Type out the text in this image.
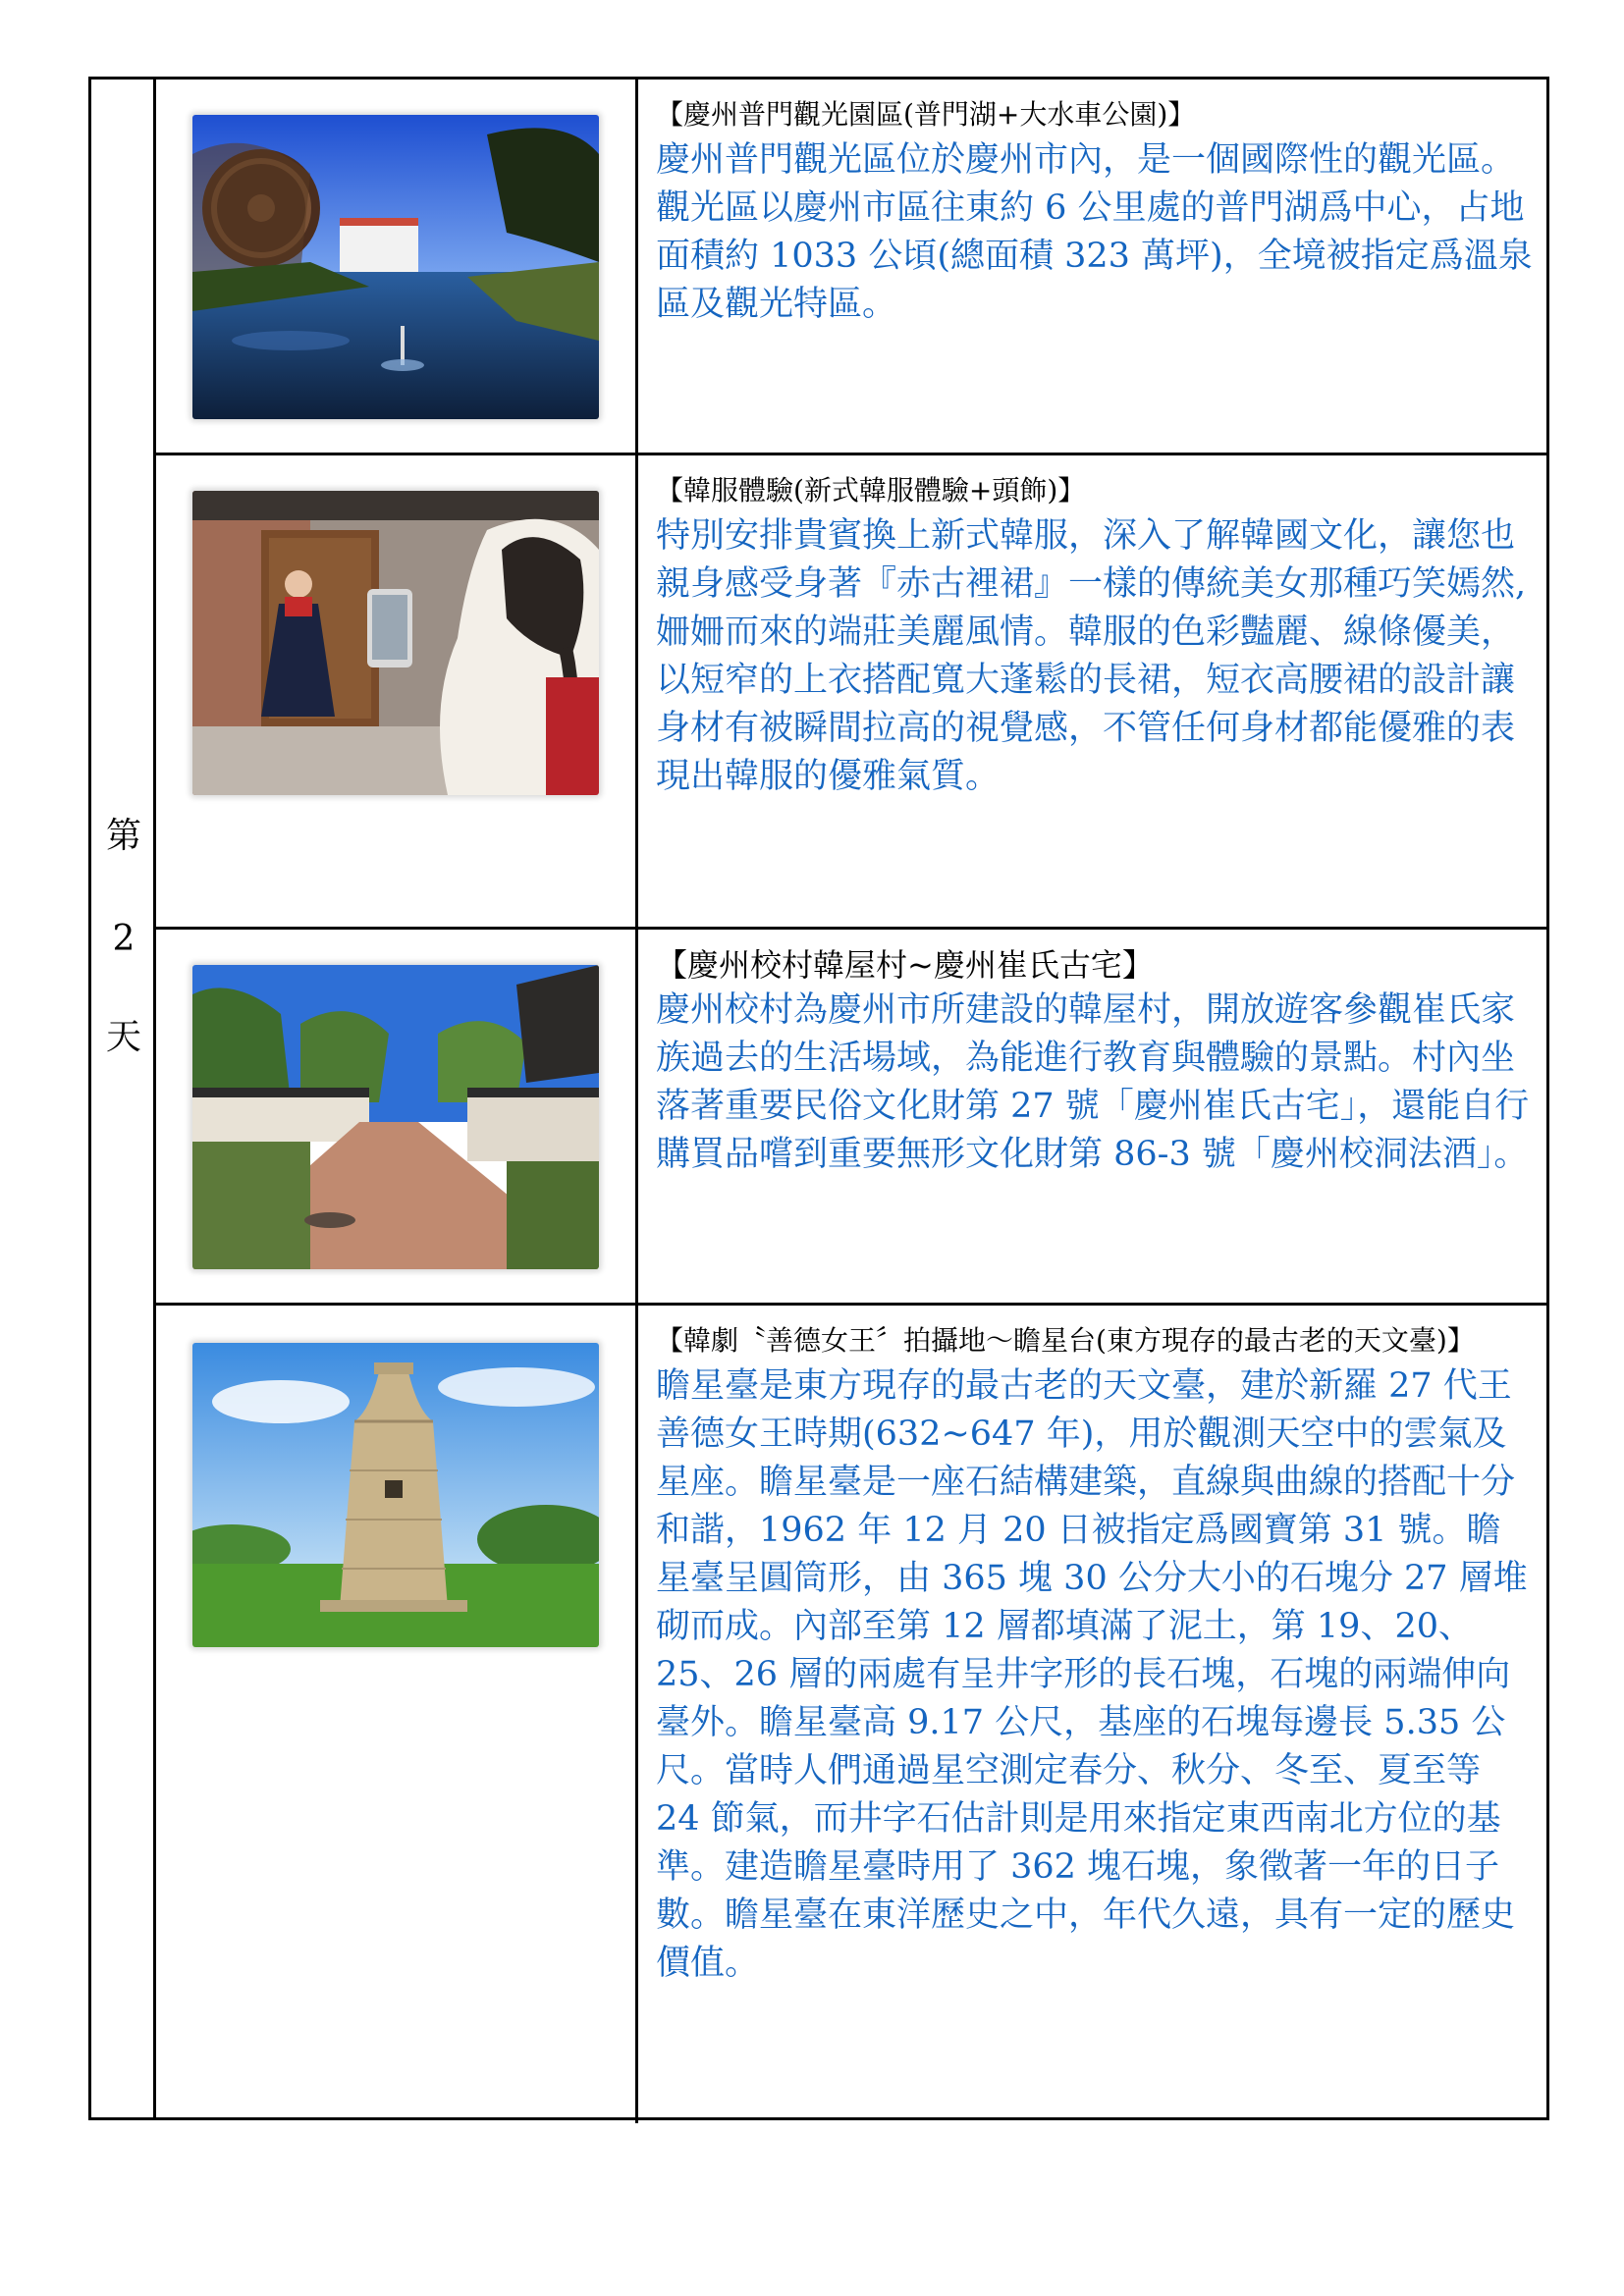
第
2
天

【慶州普門觀光園區(普門湖+大水車公園)】

慶州普門觀光區位於慶州市內，是一個國際性的觀光區。觀光區以慶州市區往東約 6 公里處的普門湖爲中心，占地面積約 1033 公頃(總面積 323 萬坪)，全境被指定爲溫泉區及觀光特區。

【韓服體驗(新式韓服體驗+頭飾)】

特別安排貴賓換上新式韓服，深入了解韓國文化，讓您也親身感受身著『赤古裡裙』一樣的傳統美女那種巧笑嫣然,姍姍而來的端莊美麗風情。韓服的色彩豔麗、線條優美，以短窄的上衣搭配寬大蓬鬆的長裙，短衣高腰裙的設計讓身材有被瞬間拉高的視覺感，不管任何身材都能優雅的表現出韓服的優雅氣質。

【慶州校村韓屋村~慶州崔氏古宅】

慶州校村為慶州市所建設的韓屋村，開放遊客參觀崔氏家族過去的生活場域，為能進行教育與體驗的景點。村內坐落著重要民俗文化財第 27 號「慶州崔氏古宅」，還能自行購買品嚐到重要無形文化財第 86-3 號「慶州校洞法酒」。

【韓劇〝善德女王〞拍攝地～瞻星台(東方現存的最古老的天文臺)】

瞻星臺是東方現存的最古老的天文臺，建於新羅 27 代王善德女王時期(632~647 年)，用於觀測天空中的雲氣及星座。瞻星臺是一座石結構建築，直線與曲線的搭配十分和諧，1962 年 12 月 20 日被指定爲國寶第 31 號。瞻星臺呈圓筒形，由 365 塊 30 公分大小的石塊分 27 層堆砌而成。內部至第 12 層都填滿了泥土，第 19、20、25、26 層的兩處有呈井字形的長石塊，石塊的兩端伸向臺外。瞻星臺高 9.17 公尺，基座的石塊每邊長 5.35 公尺。當時人們通過星空測定春分、秋分、冬至、夏至等 24 節氣，而井字石估計則是用來指定東西南北方位的基準。建造瞻星臺時用了 362 塊石塊，象徵著一年的日子數。瞻星臺在東洋歷史之中，年代久遠，具有一定的歷史價值。
